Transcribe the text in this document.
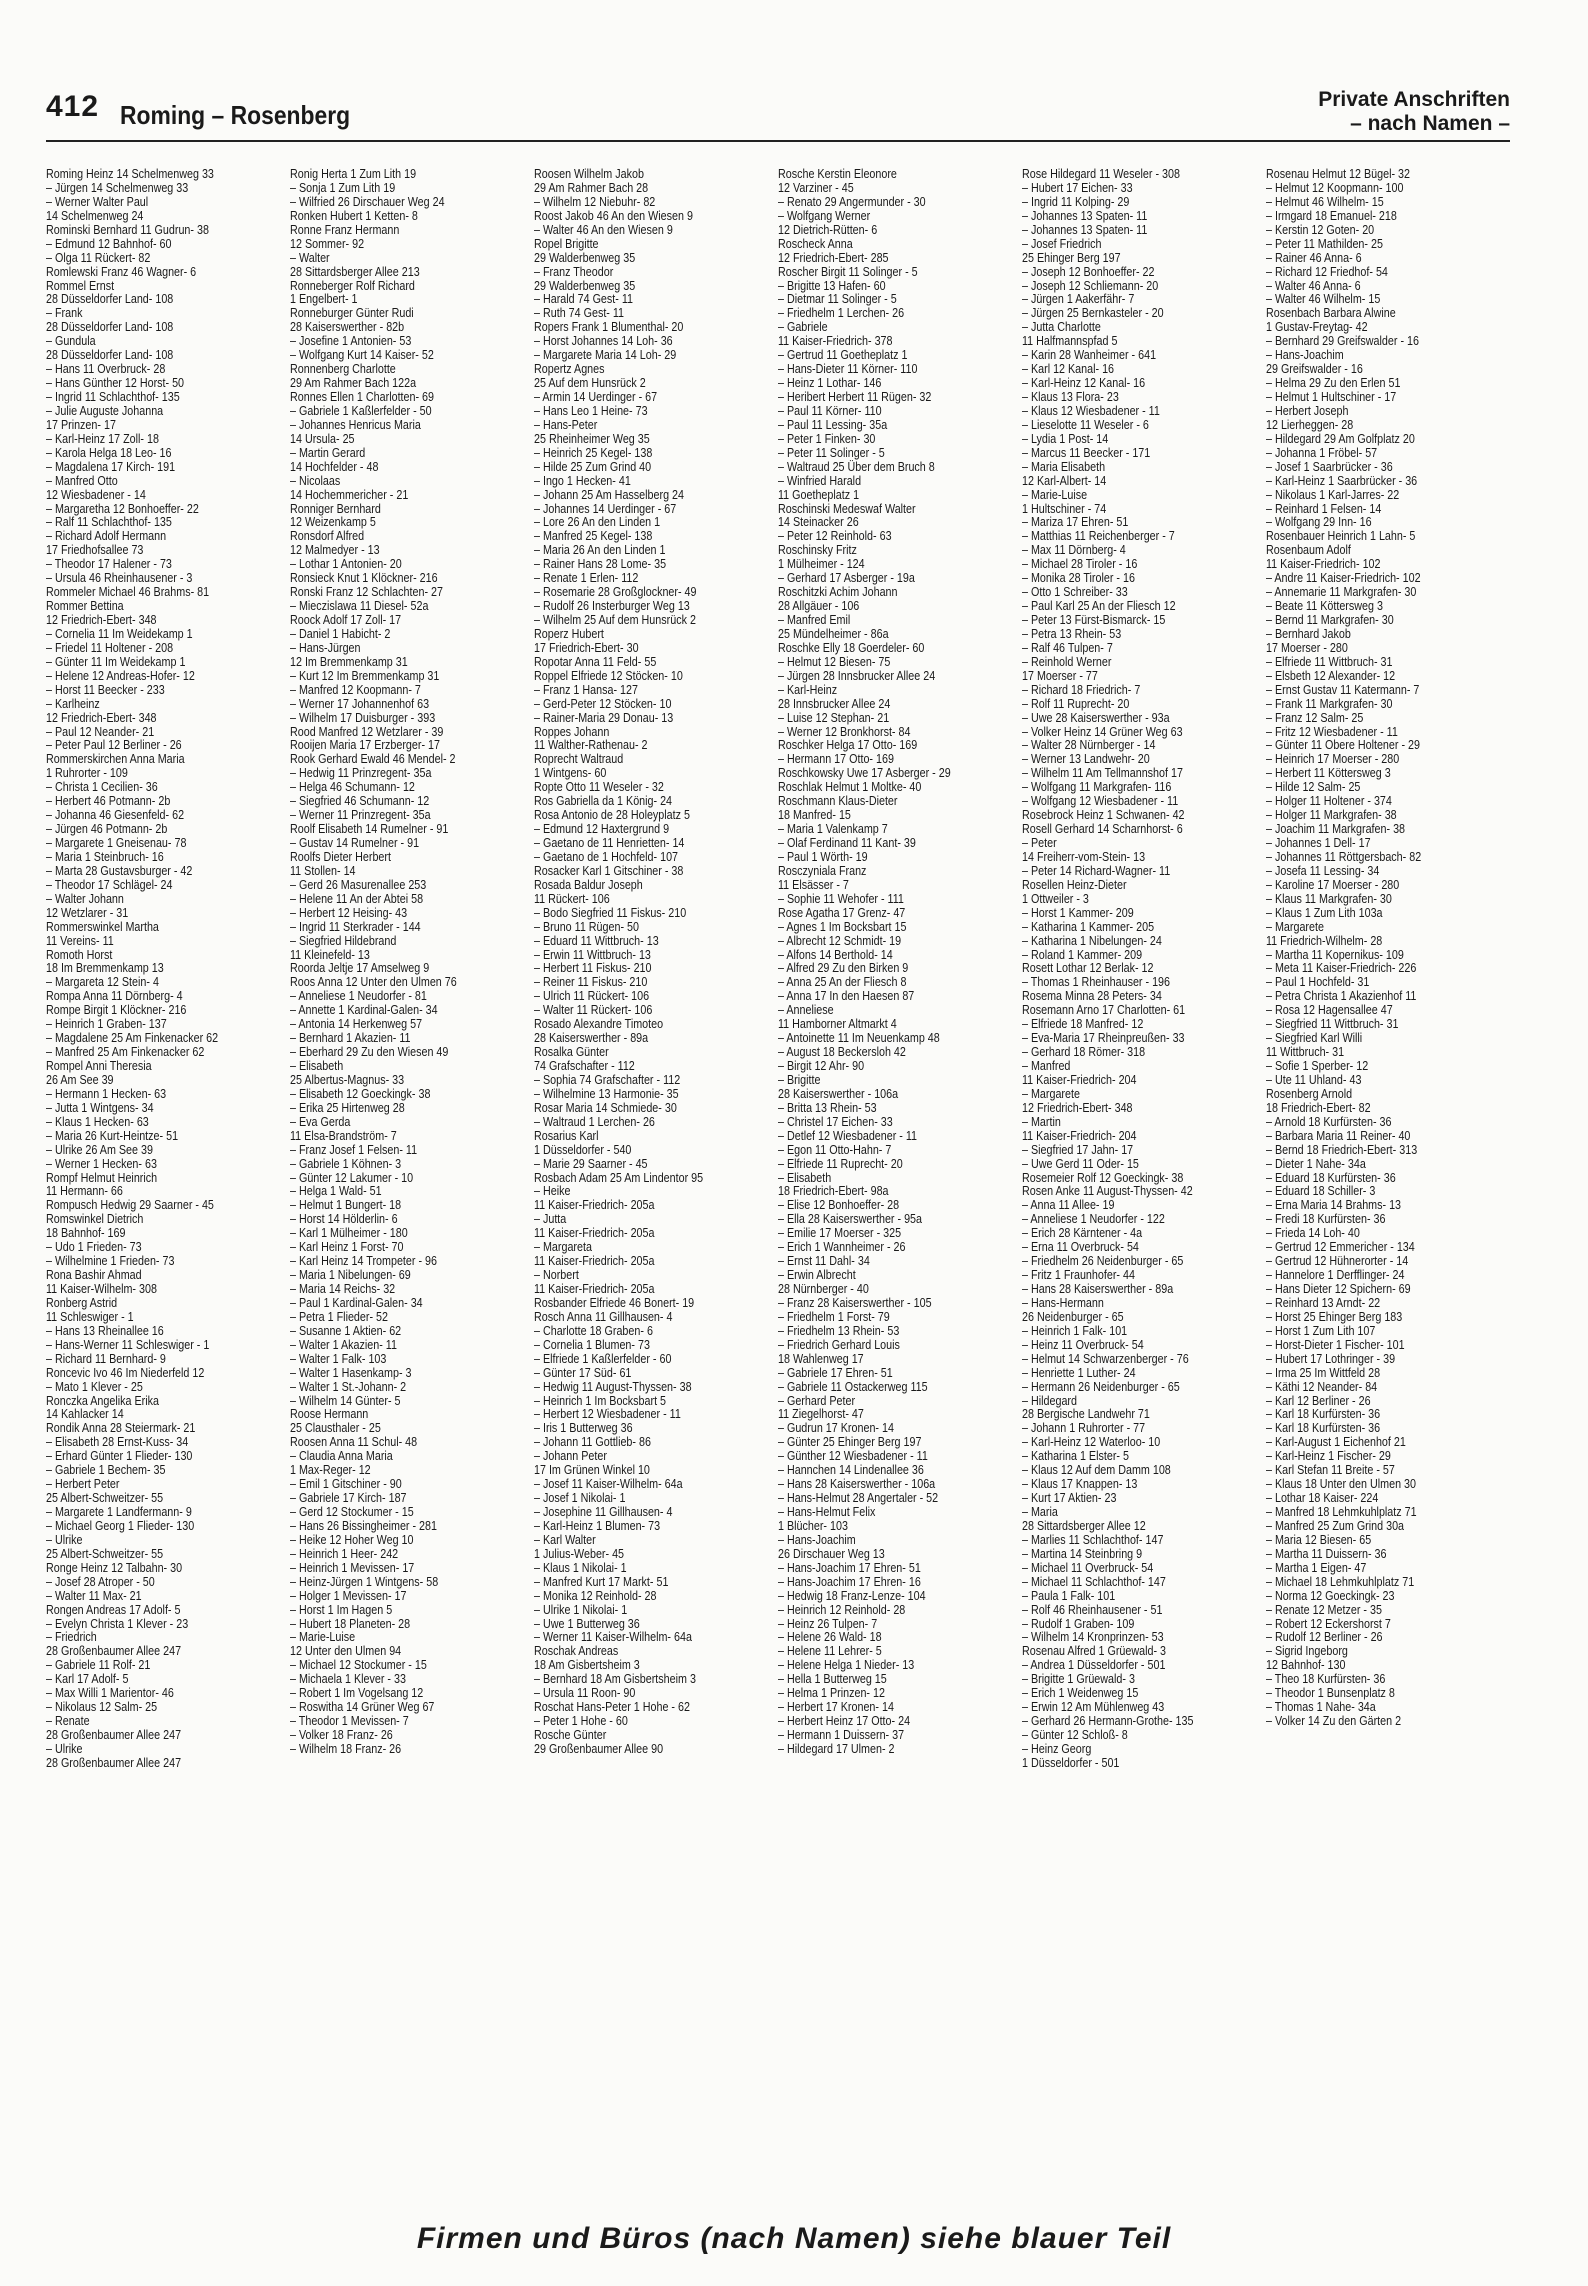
412 Roming – Rosenberg
Private Anschriften
– nach Namen –
Roming Heinz 14 Schelmenweg 33
– Jürgen 14 Schelmenweg 33
– Werner Walter Paul
14 Schelmenweg 24
Rominski Bernhard 11 Gudrun- 38
– Edmund 12 Bahnhof- 60
– Olga 11 Rückert- 82
Romlewski Franz 46 Wagner- 6
Rommel Ernst
28 Düsseldorfer Land- 108
– Frank
28 Düsseldorfer Land- 108
– Gundula
28 Düsseldorfer Land- 108
– Hans 11 Overbruck- 28
– Hans Günther 12 Horst- 50
– Ingrid 11 Schlachthof- 135
– Julie Auguste Johanna
17 Prinzen- 17
– Karl-Heinz 17 Zoll- 18
– Karola Helga 18 Leo- 16
– Magdalena 17 Kirch- 191
– Manfred Otto
12 Wiesbadener - 14
– Margaretha 12 Bonhoeffer- 22
– Ralf 11 Schlachthof- 135
– Richard Adolf Hermann
17 Friedhofsallee 73
– Theodor 17 Halener - 73
– Ursula 46 Rheinhausener - 3
Rommeler Michael 46 Brahms- 81
Rommer Bettina
12 Friedrich-Ebert- 348
– Cornelia 11 Im Weidekamp 1
– Friedel 11 Holtener - 208
– Günter 11 Im Weidekamp 1
– Helene 12 Andreas-Hofer- 12
– Horst 11 Beecker - 233
– Karlheinz
12 Friedrich-Ebert- 348
– Paul 12 Neander- 21
– Peter Paul 12 Berliner - 26
Rommerskirchen Anna Maria
1 Ruhrorter - 109
– Christa 1 Cecilien- 36
– Herbert 46 Potmann- 2b
– Johanna 46 Giesenfeld- 62
– Jürgen 46 Potmann- 2b
– Margarete 1 Gneisenau- 78
– Maria 1 Steinbruch- 16
– Marta 28 Gustavsburger - 42
– Theodor 17 Schlägel- 24
– Walter Johann
12 Wetzlarer - 31
Rommerswinkel Martha
11 Vereins- 11
Romoth Horst
18 Im Bremmenkamp 13
– Margareta 12 Stein- 4
Rompa Anna 11 Dörnberg- 4
Rompe Birgit 1 Klöckner- 216
– Heinrich 1 Graben- 137
– Magdalene 25 Am Finkenacker 62
– Manfred 25 Am Finkenacker 62
Rompel Anni Theresia
26 Am See 39
– Hermann 1 Hecken- 63
– Jutta 1 Wintgens- 34
– Klaus 1 Hecken- 63
– Maria 26 Kurt-Heintze- 51
– Ulrike 26 Am See 39
– Werner 1 Hecken- 63
Rompf Helmut Heinrich
11 Hermann- 66
Rompusch Hedwig 29 Saarner - 45
Romswinkel Dietrich
18 Bahnhof- 169
– Udo 1 Frieden- 73
– Wilhelmine 1 Frieden- 73
Rona Bashir Ahmad
11 Kaiser-Wilhelm- 308
Ronberg Astrid
11 Schleswiger - 1
– Hans 13 Rheinallee 16
– Hans-Werner 11 Schleswiger - 1
– Richard 11 Bernhard- 9
Roncevic Ivo 46 Im Niederfeld 12
– Mato 1 Klever - 25
Ronczka Angelika Erika
14 Kahlacker 14
Rondik Anna 28 Steiermark- 21
– Elisabeth 28 Ernst-Kuss- 34
– Erhard Günter 1 Flieder- 130
– Gabriele 1 Bechem- 35
– Herbert Peter
25 Albert-Schweitzer- 55
– Margarete 1 Landfermann- 9
– Michael Georg 1 Flieder- 130
– Ulrike
25 Albert-Schweitzer- 55
Ronge Heinz 12 Talbahn- 30
– Josef 28 Atroper - 50
– Walter 11 Max- 21
Rongen Andreas 17 Adolf- 5
– Evelyn Christa 1 Klever - 23
– Friedrich
28 Großenbaumer Allee 247
– Gabriele 11 Rolf- 21
– Karl 17 Adolf- 5
– Max Willi 1 Marientor- 46
– Nikolaus 12 Salm- 25
– Renate
28 Großenbaumer Allee 247
– Ulrike
28 Großenbaumer Allee 247
Ronig Herta 1 Zum Lith 19
– Sonja 1 Zum Lith 19
– Wilfried 26 Dirschauer Weg 24
Ronken Hubert 1 Ketten- 8
Ronne Franz Hermann
12 Sommer- 92
– Walter
28 Sittardsberger Allee 213
Ronneberger Rolf Richard
1 Engelbert- 1
Ronneburger Günter Rudi
28 Kaiserswerther - 82b
– Josefine 1 Antonien- 53
– Wolfgang Kurt 14 Kaiser- 52
Ronnenberg Charlotte
29 Am Rahmer Bach 122a
Ronnes Ellen 1 Charlotten- 69
– Gabriele 1 Kaßlerfelder - 50
– Johannes Henricus Maria
14 Ursula- 25
– Martin Gerard
14 Hochfelder - 48
– Nicolaas
14 Hochemmericher - 21
Ronniger Bernhard
12 Weizenkamp 5
Ronsdorf Alfred
12 Malmedyer - 13
– Lothar 1 Antonien- 20
Ronsieck Knut 1 Klöckner- 216
Ronski Franz 12 Schlachten- 27
– Mieczislawa 11 Diesel- 52a
Roock Adolf 17 Zoll- 17
– Daniel 1 Habicht- 2
– Hans-Jürgen
12 Im Bremmenkamp 31
– Kurt 12 Im Bremmenkamp 31
– Manfred 12 Koopmann- 7
– Werner 17 Johannenhof 63
– Wilhelm 17 Duisburger - 393
Rood Manfred 12 Wetzlarer - 39
Rooijen Maria 17 Erzberger- 17
Rook Gerhard Ewald 46 Mendel- 2
– Hedwig 11 Prinzregent- 35a
– Helga 46 Schumann- 12
– Siegfried 46 Schumann- 12
– Werner 11 Prinzregent- 35a
Roolf Elisabeth 14 Rumelner - 91
– Gustav 14 Rumelner - 91
Roolfs Dieter Herbert
11 Stollen- 14
– Gerd 26 Masurenallee 253
– Helene 11 An der Abtei 58
– Herbert 12 Heising- 43
– Ingrid 11 Sterkrader - 144
– Siegfried Hildebrand
11 Kleinefeld- 13
Roorda Jeltje 17 Amselweg 9
Roos Anna 12 Unter den Ulmen 76
– Anneliese 1 Neudorfer - 81
– Annette 1 Kardinal-Galen- 34
– Antonia 14 Herkenweg 57
– Bernhard 1 Akazien- 11
– Eberhard 29 Zu den Wiesen 49
– Elisabeth
25 Albertus-Magnus- 33
– Elisabeth 12 Goeckingk- 38
– Erika 25 Hirtenweg 28
– Eva Gerda
11 Elsa-Brandström- 7
– Franz Josef 1 Felsen- 11
– Gabriele 1 Köhnen- 3
– Günter 12 Lakumer - 10
– Helga 1 Wald- 51
– Helmut 1 Bungert- 18
– Horst 14 Hölderlin- 6
– Karl 1 Mülheimer - 180
– Karl Heinz 1 Forst- 70
– Karl Heinz 14 Trompeter - 96
– Maria 1 Nibelungen- 69
– Maria 14 Reichs- 32
– Paul 1 Kardinal-Galen- 34
– Petra 1 Flieder- 52
– Susanne 1 Aktien- 62
– Walter 1 Akazien- 11
– Walter 1 Falk- 103
– Walter 1 Hasenkamp- 3
– Walter 1 St.-Johann- 2
– Wilhelm 14 Günter- 5
Roose Hermann
25 Clausthaler - 25
Roosen Anna 11 Schul- 48
– Claudia Anna Maria
1 Max-Reger- 12
– Emil 1 Gitschiner - 90
– Gabriele 17 Kirch- 187
– Gerd 12 Stockumer - 15
– Hans 26 Bissingheimer - 281
– Heike 12 Hoher Weg 10
– Heinrich 1 Heer- 242
– Heinrich 1 Mevissen- 17
– Heinz-Jürgen 1 Wintgens- 58
– Holger 1 Mevissen- 17
– Horst 1 Im Hagen 5
– Hubert 18 Planeten- 28
– Marie-Luise
12 Unter den Ulmen 94
– Michael 12 Stockumer - 15
– Michaela 1 Klever - 33
– Robert 1 Im Vogelsang 12
– Roswitha 14 Grüner Weg 67
– Theodor 1 Mevissen- 7
– Volker 18 Franz- 26
– Wilhelm 18 Franz- 26
Roosen Wilhelm Jakob
29 Am Rahmer Bach 28
– Wilhelm 12 Niebuhr- 82
Roost Jakob 46 An den Wiesen 9
– Walter 46 An den Wiesen 9
Ropel Brigitte
29 Walderbenweg 35
– Franz Theodor
29 Walderbenweg 35
– Harald 74 Gest- 11
– Ruth 74 Gest- 11
Ropers Frank 1 Blumenthal- 20
– Horst Johannes 14 Loh- 36
– Margarete Maria 14 Loh- 29
Ropertz Agnes
25 Auf dem Hunsrück 2
– Armin 14 Uerdinger - 67
– Hans Leo 1 Heine- 73
– Hans-Peter
25 Rheinheimer Weg 35
– Heinrich 25 Kegel- 138
– Hilde 25 Zum Grind 40
– Ingo 1 Hecken- 41
– Johann 25 Am Hasselberg 24
– Johannes 14 Uerdinger - 67
– Lore 26 An den Linden 1
– Manfred 25 Kegel- 138
– Maria 26 An den Linden 1
– Rainer Hans 28 Lome- 35
– Renate 1 Erlen- 112
– Rosemarie 28 Großglockner- 49
– Rudolf 26 Insterburger Weg 13
– Wilhelm 25 Auf dem Hunsrück 2
Roperz Hubert
17 Friedrich-Ebert- 30
Ropotar Anna 11 Feld- 55
Roppel Elfriede 12 Stöcken- 10
– Franz 1 Hansa- 127
– Gerd-Peter 12 Stöcken- 10
– Rainer-Maria 29 Donau- 13
Roppes Johann
11 Walther-Rathenau- 2
Roprecht Waltraud
1 Wintgens- 60
Ropte Otto 11 Weseler - 32
Ros Gabriella da 1 König- 24
Rosa Antonio de 28 Holeyplatz 5
– Edmund 12 Haxtergrund 9
– Gaetano de 11 Henrietten- 14
– Gaetano de 1 Hochfeld- 107
Rosacker Karl 1 Gitschiner - 38
Rosada Baldur Joseph
11 Rückert- 106
– Bodo Siegfried 11 Fiskus- 210
– Bruno 11 Rügen- 50
– Eduard 11 Wittbruch- 13
– Erwin 11 Wittbruch- 13
– Herbert 11 Fiskus- 210
– Reiner 11 Fiskus- 210
– Ulrich 11 Rückert- 106
– Walter 11 Rückert- 106
Rosado Alexandre Timoteo
28 Kaiserswerther - 89a
Rosalka Günter
74 Grafschafter - 112
– Sophia 74 Grafschafter - 112
– Wilhelmine 13 Harmonie- 35
Rosar Maria 14 Schmiede- 30
– Waltraud 1 Lerchen- 26
Rosarius Karl
1 Düsseldorfer - 540
– Marie 29 Saarner - 45
Rosbach Adam 25 Am Lindentor 95
– Heike
11 Kaiser-Friedrich- 205a
– Jutta
11 Kaiser-Friedrich- 205a
– Margareta
11 Kaiser-Friedrich- 205a
– Norbert
11 Kaiser-Friedrich- 205a
Rosbander Elfriede 46 Bonert- 19
Rosch Anna 11 Gillhausen- 4
– Charlotte 18 Graben- 6
– Cornelia 1 Blumen- 73
– Elfriede 1 Kaßlerfelder - 60
– Günter 17 Süd- 61
– Hedwig 11 August-Thyssen- 38
– Heinrich 1 Im Bocksbart 5
– Herbert 12 Wiesbadener - 11
– Iris 1 Butterweg 36
– Johann 11 Gottlieb- 86
– Johann Peter
17 Im Grünen Winkel 10
– Josef 11 Kaiser-Wilhelm- 64a
– Josef 1 Nikolai- 1
– Josephine 11 Gillhausen- 4
– Karl-Heinz 1 Blumen- 73
– Karl Walter
1 Julius-Weber- 45
– Klaus 1 Nikolai- 1
– Manfred Kurt 17 Markt- 51
– Monika 12 Reinhold- 28
– Ulrike 1 Nikolai- 1
– Uwe 1 Butterweg 36
– Werner 11 Kaiser-Wilhelm- 64a
Roschak Andreas
18 Am Gisbertsheim 3
– Bernhard 18 Am Gisbertsheim 3
– Ursula 11 Roon- 90
Roschat Hans-Peter 1 Hohe - 62
– Peter 1 Hohe - 60
Rosche Günter
29 Großenbaumer Allee 90
Rosche Kerstin Eleonore
12 Varziner - 45
– Renato 29 Angermunder - 30
– Wolfgang Werner
12 Dietrich-Rütten- 6
Roscheck Anna
12 Friedrich-Ebert- 285
Roscher Birgit 11 Solinger - 5
– Brigitte 13 Hafen- 60
– Dietmar 11 Solinger - 5
– Friedhelm 1 Lerchen- 26
– Gabriele
11 Kaiser-Friedrich- 378
– Gertrud 11 Goetheplatz 1
– Hans-Dieter 11 Körner- 110
– Heinz 1 Lothar- 146
– Heribert Herbert 11 Rügen- 32
– Paul 11 Körner- 110
– Paul 11 Lessing- 35a
– Peter 1 Finken- 30
– Peter 11 Solinger - 5
– Waltraud 25 Über dem Bruch 8
– Winfried Harald
11 Goetheplatz 1
Roschinski Medeswaf Walter
14 Steinacker 26
– Peter 12 Reinhold- 63
Roschinsky Fritz
1 Mülheimer - 124
– Gerhard 17 Asberger - 19a
Roschitzki Achim Johann
28 Allgäuer - 106
– Manfred Emil
25 Mündelheimer - 86a
Roschke Elly 18 Goerdeler- 60
– Helmut 12 Biesen- 75
– Jürgen 28 Innsbrucker Allee 24
– Karl-Heinz
28 Innsbrucker Allee 24
– Luise 12 Stephan- 21
– Werner 12 Bronkhorst- 84
Roschker Helga 17 Otto- 169
– Hermann 17 Otto- 169
Roschkowsky Uwe 17 Asberger - 29
Roschlak Helmut 1 Moltke- 40
Roschmann Klaus-Dieter
18 Manfred- 15
– Maria 1 Valenkamp 7
– Olaf Ferdinand 11 Kant- 39
– Paul 1 Wörth- 19
Rosczyniala Franz
11 Elsässer - 7
– Sophie 11 Wehofer - 111
Rose Agatha 17 Grenz- 47
– Agnes 1 Im Bocksbart 15
– Albrecht 12 Schmidt- 19
– Alfons 14 Berthold- 14
– Alfred 29 Zu den Birken 9
– Anna 25 An der Fliesch 8
– Anna 17 In den Haesen 87
– Anneliese
11 Hamborner Altmarkt 4
– Antoinette 11 Im Neuenkamp 48
– August 18 Beckersloh 42
– Birgit 12 Ahr- 90
– Brigitte
28 Kaiserswerther - 106a
– Britta 13 Rhein- 53
– Christel 17 Eichen- 33
– Detlef 12 Wiesbadener - 11
– Egon 11 Otto-Hahn- 7
– Elfriede 11 Ruprecht- 20
– Elisabeth
18 Friedrich-Ebert- 98a
– Elise 12 Bonhoeffer- 28
– Ella 28 Kaiserswerther - 95a
– Emilie 17 Moerser - 325
– Erich 1 Wannheimer - 26
– Ernst 11 Dahl- 34
– Erwin Albrecht
28 Nürnberger - 40
– Franz 28 Kaiserswerther - 105
– Friedhelm 1 Forst- 79
– Friedhelm 13 Rhein- 53
– Friedrich Gerhard Louis
18 Wahlenweg 17
– Gabriele 17 Ehren- 51
– Gabriele 11 Ostackerweg 115
– Gerhard Peter
11 Ziegelhorst- 47
– Gudrun 17 Kronen- 14
– Günter 25 Ehinger Berg 197
– Günther 12 Wiesbadener - 11
– Hannchen 14 Lindenallee 36
– Hans 28 Kaiserswerther - 106a
– Hans-Helmut 28 Angertaler - 52
– Hans-Helmut Felix
1 Blücher- 103
– Hans-Joachim
26 Dirschauer Weg 13
– Hans-Joachim 17 Ehren- 51
– Hans-Joachim 17 Ehren- 16
– Hedwig 18 Franz-Lenze- 104
– Heinrich 12 Reinhold- 28
– Heinz 26 Tulpen- 7
– Helene 26 Wald- 18
– Helene 11 Lehrer- 5
– Helene Helga 1 Nieder- 13
– Hella 1 Butterweg 15
– Helma 1 Prinzen- 12
– Herbert 17 Kronen- 14
– Herbert Heinz 17 Otto- 24
– Hermann 1 Duissern- 37
– Hildegard 17 Ulmen- 2
Rose Hildegard 11 Weseler - 308
– Hubert 17 Eichen- 33
– Ingrid 11 Kolping- 29
– Johannes 13 Spaten- 11
– Johannes 13 Spaten- 11
– Josef Friedrich
25 Ehinger Berg 197
– Joseph 12 Bonhoeffer- 22
– Joseph 12 Schliemann- 20
– Jürgen 1 Aakerfähr- 7
– Jürgen 25 Bernkasteler - 20
– Jutta Charlotte
11 Halfmannspfad 5
– Karin 28 Wanheimer - 641
– Karl 12 Kanal- 16
– Karl-Heinz 12 Kanal- 16
– Klaus 13 Flora- 23
– Klaus 12 Wiesbadener - 11
– Lieselotte 11 Weseler - 6
– Lydia 1 Post- 14
– Marcus 11 Beecker - 171
– Maria Elisabeth
12 Karl-Albert- 14
– Marie-Luise
1 Hultschiner - 74
– Mariza 17 Ehren- 51
– Matthias 11 Reichenberger - 7
– Max 11 Dörnberg- 4
– Michael 28 Tiroler - 16
– Monika 28 Tiroler - 16
– Otto 1 Schreiber- 33
– Paul Karl 25 An der Fliesch 12
– Peter 13 Fürst-Bismarck- 15
– Petra 13 Rhein- 53
– Ralf 46 Tulpen- 7
– Reinhold Werner
17 Moerser - 77
– Richard 18 Friedrich- 7
– Rolf 11 Ruprecht- 20
– Uwe 28 Kaiserswerther - 93a
– Volker Heinz 14 Grüner Weg 63
– Walter 28 Nürnberger - 14
– Werner 13 Landwehr- 20
– Wilhelm 11 Am Tellmannshof 17
– Wolfgang 11 Markgrafen- 116
– Wolfgang 12 Wiesbadener - 11
Rosebrock Heinz 1 Schwanen- 42
Rosell Gerhard 14 Scharnhorst- 6
– Peter
14 Freiherr-vom-Stein- 13
– Peter 14 Richard-Wagner- 11
Rosellen Heinz-Dieter
1 Ottweiler - 3
– Horst 1 Kammer- 209
– Katharina 1 Kammer- 205
– Katharina 1 Nibelungen- 24
– Roland 1 Kammer- 209
Rosett Lothar 12 Berlak- 12
– Thomas 1 Rheinhauser - 196
Rosema Minna 28 Peters- 34
Rosemann Arno 17 Charlotten- 61
– Elfriede 18 Manfred- 12
– Eva-Maria 17 Rheinpreußen- 33
– Gerhard 18 Römer- 318
– Manfred
11 Kaiser-Friedrich- 204
– Margarete
12 Friedrich-Ebert- 348
– Martin
11 Kaiser-Friedrich- 204
– Siegfried 17 Jahn- 17
– Uwe Gerd 11 Oder- 15
Rosemeier Rolf 12 Goeckingk- 38
Rosen Anke 11 August-Thyssen- 42
– Anna 11 Allee- 19
– Anneliese 1 Neudorfer - 122
– Erich 28 Kärntener - 4a
– Erna 11 Overbruck- 54
– Friedhelm 26 Neidenburger - 65
– Fritz 1 Fraunhofer- 44
– Hans 28 Kaiserswerther - 89a
– Hans-Hermann
26 Neidenburger - 65
– Heinrich 1 Falk- 101
– Heinz 11 Overbruck- 54
– Helmut 14 Schwarzenberger - 76
– Henriette 1 Luther- 24
– Hermann 26 Neidenburger - 65
– Hildegard
28 Bergische Landwehr 71
– Johann 1 Ruhrorter - 77
– Karl-Heinz 12 Waterloo- 10
– Katharina 1 Elster- 5
– Klaus 12 Auf dem Damm 108
– Klaus 17 Knappen- 13
– Kurt 17 Aktien- 23
– Maria
28 Sittardsberger Allee 12
– Marlies 11 Schlachthof- 147
– Martina 14 Steinbring 9
– Michael 11 Overbruck- 54
– Michael 11 Schlachthof- 147
– Paula 1 Falk- 101
– Rolf 46 Rheinhausener - 51
– Rudolf 1 Graben- 109
– Wilhelm 14 Kronprinzen- 53
Rosenau Alfred 1 Grüewald- 3
– Andrea 1 Düsseldorfer - 501
– Brigitte 1 Grüewald- 3
– Erich 1 Weidenweg 15
– Erwin 12 Am Mühlenweg 43
– Gerhard 26 Hermann-Grothe- 135
– Günter 12 Schloß- 8
– Heinz Georg
1 Düsseldorfer - 501
Rosenau Helmut 12 Bügel- 32
– Helmut 12 Koopmann- 100
– Helmut 46 Wilhelm- 15
– Irmgard 18 Emanuel- 218
– Kerstin 12 Goten- 20
– Peter 11 Mathilden- 25
– Rainer 46 Anna- 6
– Richard 12 Friedhof- 54
– Walter 46 Anna- 6
– Walter 46 Wilhelm- 15
Rosenbach Barbara Alwine
1 Gustav-Freytag- 42
– Bernhard 29 Greifswalder - 16
– Hans-Joachim
29 Greifswalder - 16
– Helma 29 Zu den Erlen 51
– Helmut 1 Hultschiner - 17
– Herbert Joseph
12 Lierheggen- 28
– Hildegard 29 Am Golfplatz 20
– Johanna 1 Fröbel- 57
– Josef 1 Saarbrücker - 36
– Karl-Heinz 1 Saarbrücker - 36
– Nikolaus 1 Karl-Jarres- 22
– Reinhard 1 Felsen- 14
– Wolfgang 29 Inn- 16
Rosenbauer Heinrich 1 Lahn- 5
Rosenbaum Adolf
11 Kaiser-Friedrich- 102
– Andre 11 Kaiser-Friedrich- 102
– Annemarie 11 Markgrafen- 30
– Beate 11 Köttersweg 3
– Bernd 11 Markgrafen- 30
– Bernhard Jakob
17 Moerser - 280
– Elfriede 11 Wittbruch- 31
– Elsbeth 12 Alexander- 12
– Ernst Gustav 11 Katermann- 7
– Frank 11 Markgrafen- 30
– Franz 12 Salm- 25
– Fritz 12 Wiesbadener - 11
– Günter 11 Obere Holtener - 29
– Heinrich 17 Moerser - 280
– Herbert 11 Köttersweg 3
– Hilde 12 Salm- 25
– Holger 11 Holtener - 374
– Holger 11 Markgrafen- 38
– Joachim 11 Markgrafen- 38
– Johannes 1 Dell- 17
– Johannes 11 Röttgersbach- 82
– Josefa 11 Lessing- 34
– Karoline 17 Moerser - 280
– Klaus 11 Markgrafen- 30
– Klaus 1 Zum Lith 103a
– Margarete
11 Friedrich-Wilhelm- 28
– Martha 11 Kopernikus- 109
– Meta 11 Kaiser-Friedrich- 226
– Paul 1 Hochfeld- 31
– Petra Christa 1 Akazienhof 11
– Rosa 12 Hagensallee 47
– Siegfried 11 Wittbruch- 31
– Siegfried Karl Willi
11 Wittbruch- 31
– Sofie 1 Sperber- 12
– Ute 11 Uhland- 43
Rosenberg Arnold
18 Friedrich-Ebert- 82
– Arnold 18 Kurfürsten- 36
– Barbara Maria 11 Reiner- 40
– Bernd 18 Friedrich-Ebert- 313
– Dieter 1 Nahe- 34a
– Eduard 18 Kurfürsten- 36
– Eduard 18 Schiller- 3
– Erna Maria 14 Brahms- 13
– Fredi 18 Kurfürsten- 36
– Frieda 14 Loh- 40
– Gertrud 12 Emmericher - 134
– Gertrud 12 Hühnerorter - 14
– Hannelore 1 Derfflinger- 24
– Hans Dieter 12 Spichern- 69
– Reinhard 13 Arndt- 22
– Horst 25 Ehinger Berg 183
– Horst 1 Zum Lith 107
– Horst-Dieter 1 Fischer- 101
– Hubert 17 Lothringer - 39
– Irma 25 Im Wittfeld 28
– Käthi 12 Neander- 84
– Karl 12 Berliner - 26
– Karl 18 Kurfürsten- 36
– Karl 18 Kurfürsten- 36
– Karl-August 1 Eichenhof 21
– Karl-Heinz 1 Fischer- 29
– Karl Stefan 11 Breite - 57
– Klaus 18 Unter den Ulmen 30
– Lothar 18 Kaiser- 224
– Manfred 18 Lehmkuhlplatz 71
– Manfred 25 Zum Grind 30a
– Maria 12 Biesen- 65
– Martha 11 Duissern- 36
– Martha 1 Eigen- 47
– Michael 18 Lehmkuhlplatz 71
– Norma 12 Goeckingk- 23
– Renate 12 Metzer - 35
– Robert 12 Eckershorst 7
– Rudolf 12 Berliner - 26
– Sigrid Ingeborg
12 Bahnhof- 130
– Theo 18 Kurfürsten- 36
– Theodor 1 Bunsenplatz 8
– Thomas 1 Nahe- 34a
– Volker 14 Zu den Gärten 2
Firmen und Büros (nach Namen) siehe blauer Teil
